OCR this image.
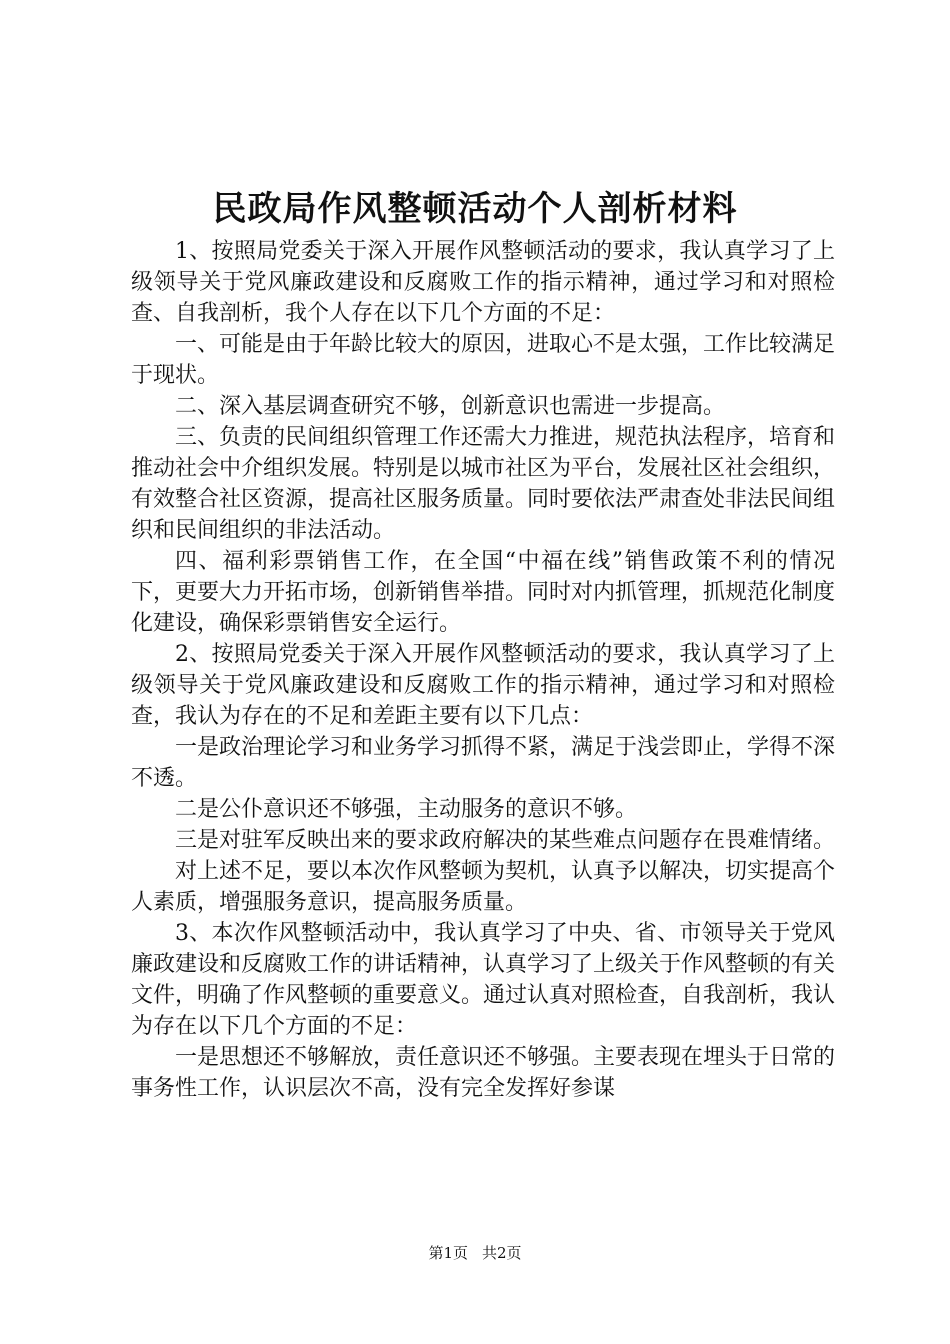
民政局作风整顿活动个人剖析材料

1、按照局党委关于深入开展作风整顿活动的要求，我认真学习了上级领导关于党风廉政建设和反腐败工作的指示精神，通过学习和对照检查、自我剖析，我个人存在以下几个方面的不足：

一、可能是由于年龄比较大的原因，进取心不是太强，工作比较满足于现状。

二、深入基层调查研究不够，创新意识也需进一步提高。

三、负责的民间组织管理工作还需大力推进，规范执法程序，培育和推动社会中介组织发展。特别是以城市社区为平台，发展社区社会组织，有效整合社区资源，提高社区服务质量。同时要依法严肃查处非法民间组织和民间组织的非法活动。

四、福利彩票销售工作，在全国“中福在线”销售政策不利的情况下，更要大力开拓市场，创新销售举措。同时对内抓管理，抓规范化制度化建设，确保彩票销售安全运行。

2、按照局党委关于深入开展作风整顿活动的要求，我认真学习了上级领导关于党风廉政建设和反腐败工作的指示精神，通过学习和对照检查，我认为存在的不足和差距主要有以下几点：

一是政治理论学习和业务学习抓得不紧，满足于浅尝即止，学得不深不透。

二是公仆意识还不够强，主动服务的意识不够。

三是对驻军反映出来的要求政府解决的某些难点问题存在畏难情绪。

对上述不足，要以本次作风整顿为契机，认真予以解决，切实提高个人素质，增强服务意识，提高服务质量。

3、本次作风整顿活动中，我认真学习了中央、省、市领导关于党风廉政建设和反腐败工作的讲话精神，认真学习了上级关于作风整顿的有关文件，明确了作风整顿的重要意义。通过认真对照检查，自我剖析，我认为存在以下几个方面的不足：

一是思想还不够解放，责任意识还不够强。主要表现在埋头于日常的事务性工作，认识层次不高，没有完全发挥好参谋

第1页 共2页
